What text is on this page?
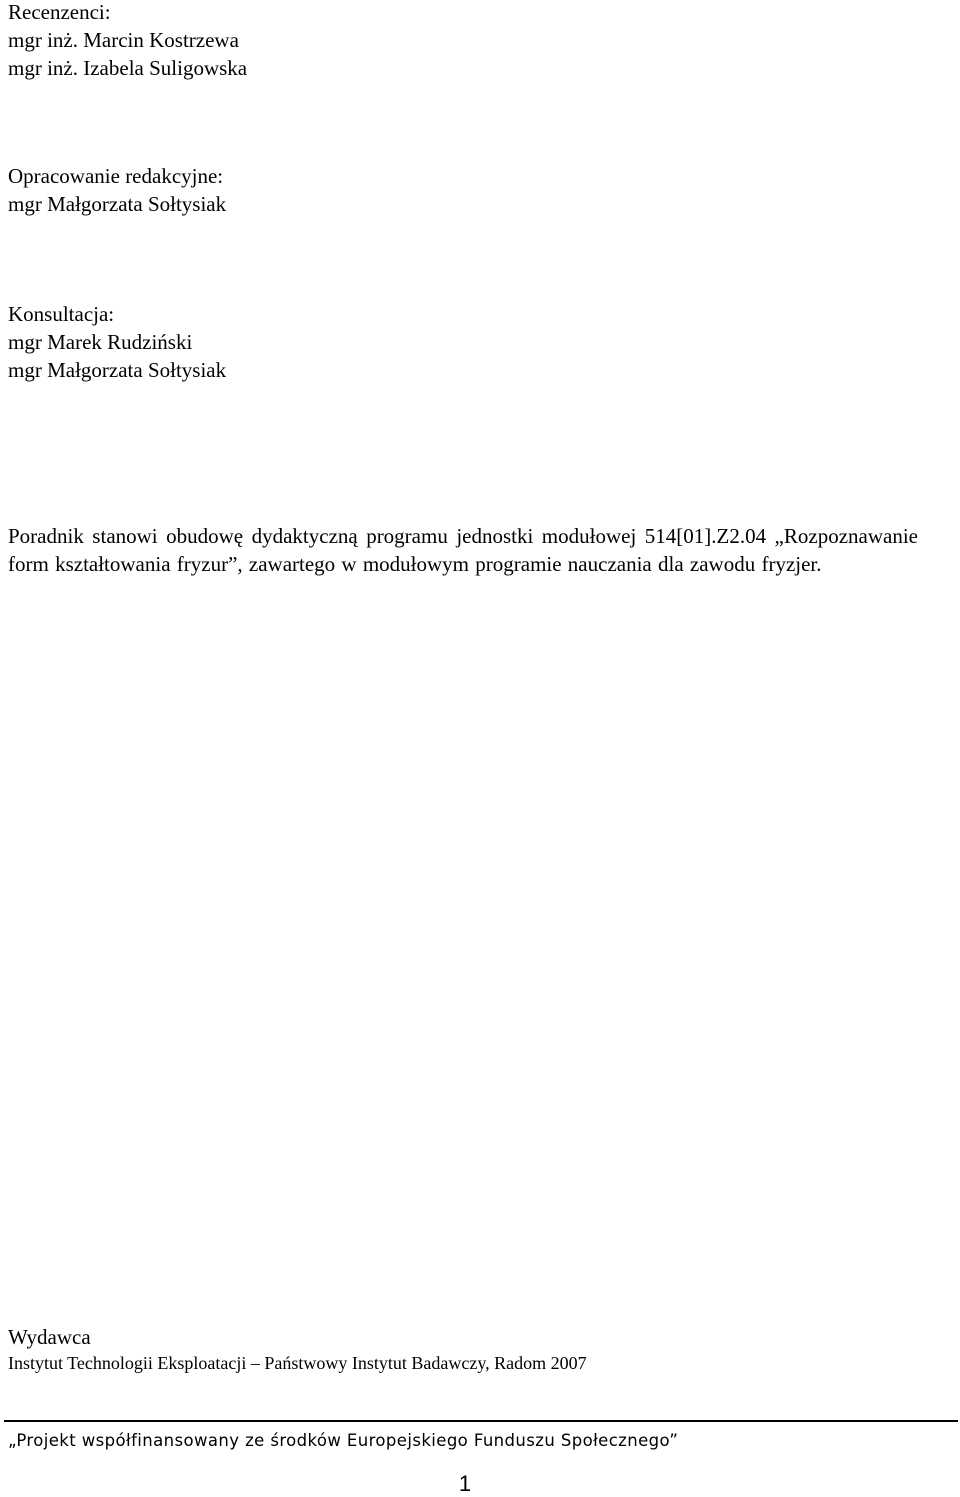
Recenzenci:
mgr inż. Marcin Kostrzewa
mgr inż. Izabela Suligowska
Opracowanie redakcyjne:
mgr Małgorzata Sołtysiak
Konsultacja:
mgr Marek Rudziński
mgr Małgorzata Sołtysiak

Poradnik stanowi obudowę dydaktyczną programu jednostki modułowej 514[01].Z2.04 „Rozpoznawanie form kształtowania fryzur”, zawartego w modułowym programie nauczania dla zawodu fryzjer.

Wydawca
Instytut Technologii Eksploatacji – Państwowy Instytut Badawczy, Radom 2007
„Projekt współfinansowany ze środków Europejskiego Funduszu Społecznego”
1
